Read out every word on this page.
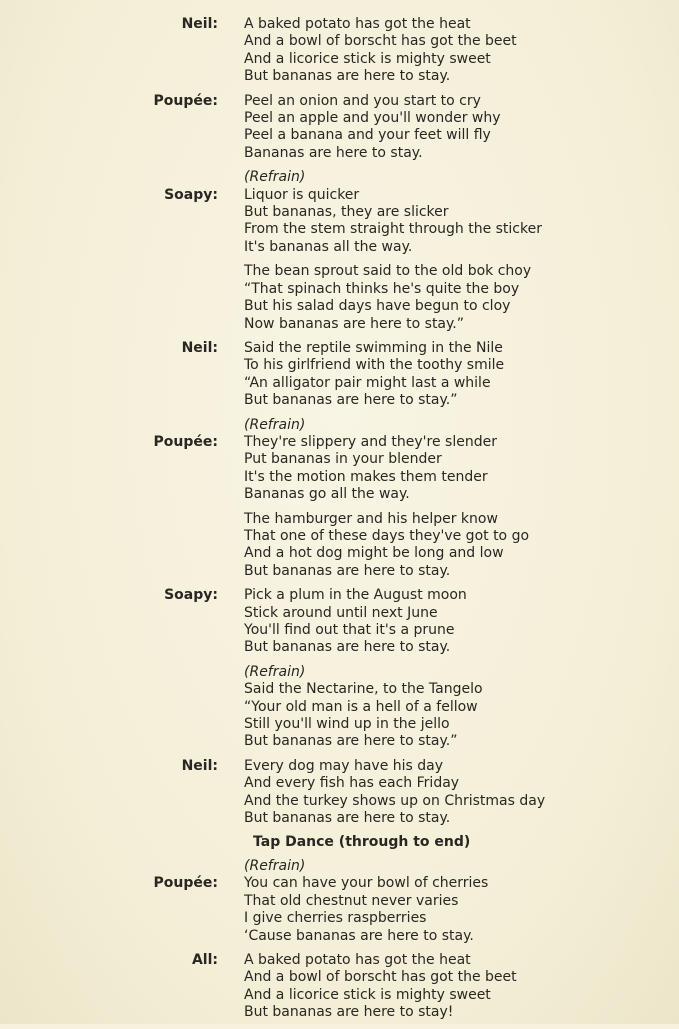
Neil: A baked potato has got the heat
And a bowl of borscht has got the beet
And a licorice stick is mighty sweet
But bananas are here to stay.
Poupée: Peel an onion and you start to cry
Peel an apple and you'll wonder why
Peel a banana and your feet will fly
Bananas are here to stay.
Soapy:
(Refrain)
Liquor is quicker
But bananas, they are slicker
From the stem straight through the sticker
It's bananas all the way.
The bean sprout said to the old bok choy
“That spinach thinks he's quite the boy
But his salad days have begun to cloy
Now bananas are here to stay.”
Neil: Said the reptile swimming in the Nile
To his girlfriend with the toothy smile
“An alligator pair might last a while
But bananas are here to stay.”
Poupée:
(Refrain)
They're slippery and they're slender
Put bananas in your blender
It's the motion makes them tender
Bananas go all the way.
The hamburger and his helper know
That one of these days they've got to go
And a hot dog might be long and low
But bananas are here to stay.
Soapy: Pick a plum in the August moon
Stick around until next June
You'll find out that it's a prune
But bananas are here to stay.
(Refrain)
Said the Nectarine, to the Tangelo
“Your old man is a hell of a fellow
Still you'll wind up in the jello
But bananas are here to stay.”
Neil: Every dog may have his day
And every fish has each Friday
And the turkey shows up on Christmas day
But bananas are here to stay.
Tap Dance (through to end)
Poupée:
(Refrain)
You can have your bowl of cherries
That old chestnut never varies
I give cherries raspberries
‘Cause bananas are here to stay.
All: A baked potato has got the heat
And a bowl of borscht has got the beet
And a licorice stick is mighty sweet
But bananas are here to stay!
